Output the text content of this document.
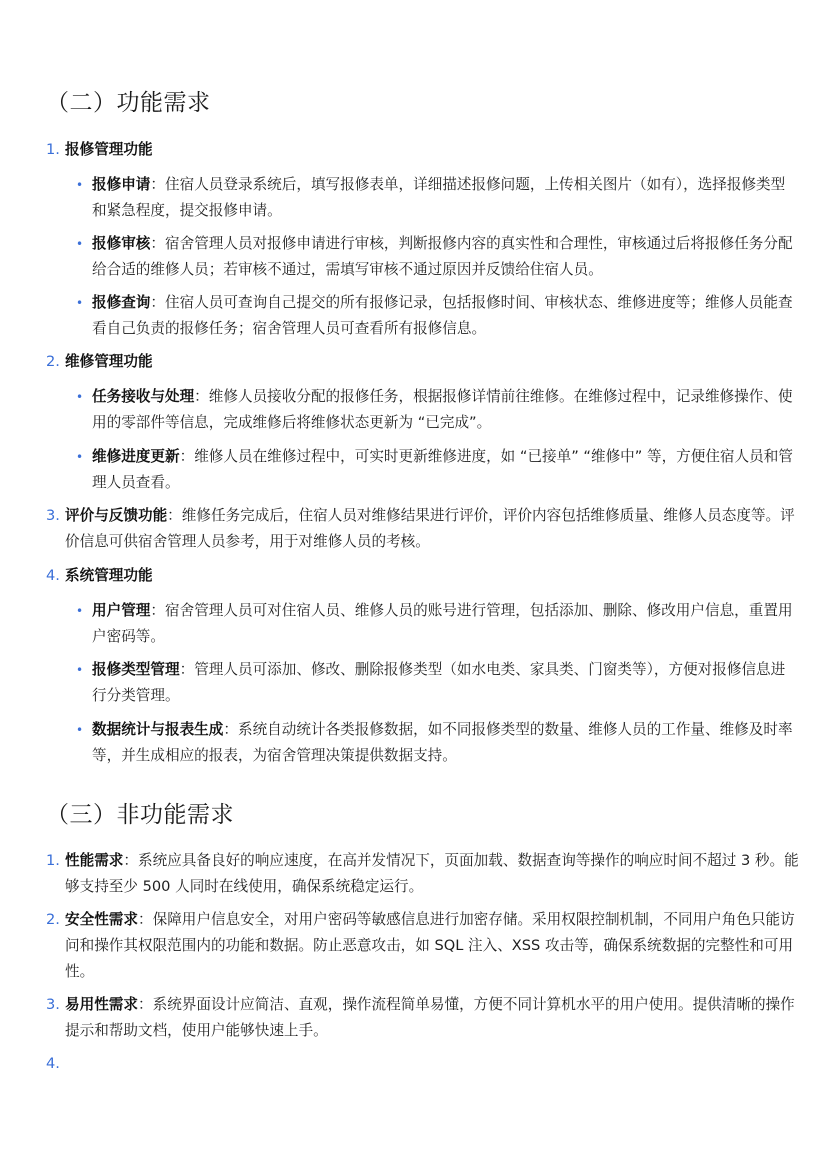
（二）功能需求
1. 报修管理功能
• 报修申请：住宿人员登录系统后，填写报修表单，详细描述报修问题，上传相关图片（如有），选择报修类型和紧急程度，提交报修申请。
• 报修审核：宿舍管理人员对报修申请进行审核，判断报修内容的真实性和合理性，审核通过后将报修任务分配给合适的维修人员；若审核不通过，需填写审核不通过原因并反馈给住宿人员。
• 报修查询：住宿人员可查询自己提交的所有报修记录，包括报修时间、审核状态、维修进度等；维修人员能查看自己负责的报修任务；宿舍管理人员可查看所有报修信息。
2. 维修管理功能
• 任务接收与处理：维修人员接收分配的报修任务，根据报修详情前往维修。在维修过程中，记录维修操作、使用的零部件等信息，完成维修后将维修状态更新为 “已完成”。
• 维修进度更新：维修人员在维修过程中，可实时更新维修进度，如 “已接单” “维修中” 等，方便住宿人员和管理人员查看。
3. 评价与反馈功能：维修任务完成后，住宿人员对维修结果进行评价，评价内容包括维修质量、维修人员态度等。评价信息可供宿舍管理人员参考，用于对维修人员的考核。
4. 系统管理功能
• 用户管理：宿舍管理人员可对住宿人员、维修人员的账号进行管理，包括添加、删除、修改用户信息，重置用户密码等。
• 报修类型管理：管理人员可添加、修改、删除报修类型（如水电类、家具类、门窗类等），方便对报修信息进行分类管理。
• 数据统计与报表生成：系统自动统计各类报修数据，如不同报修类型的数量、维修人员的工作量、维修及时率等，并生成相应的报表，为宿舍管理决策提供数据支持。
（三）非功能需求
1. 性能需求：系统应具备良好的响应速度，在高并发情况下，页面加载、数据查询等操作的响应时间不超过 3 秒。能够支持至少 500 人同时在线使用，确保系统稳定运行。
2. 安全性需求：保障用户信息安全，对用户密码等敏感信息进行加密存储。采用权限控制机制，不同用户角色只能访问和操作其权限范围内的功能和数据。防止恶意攻击，如 SQL 注入、XSS 攻击等，确保系统数据的完整性和可用性。
3. 易用性需求：系统界面设计应简洁、直观，操作流程简单易懂，方便不同计算机水平的用户使用。提供清晰的操作提示和帮助文档，使用户能够快速上手。
4.
